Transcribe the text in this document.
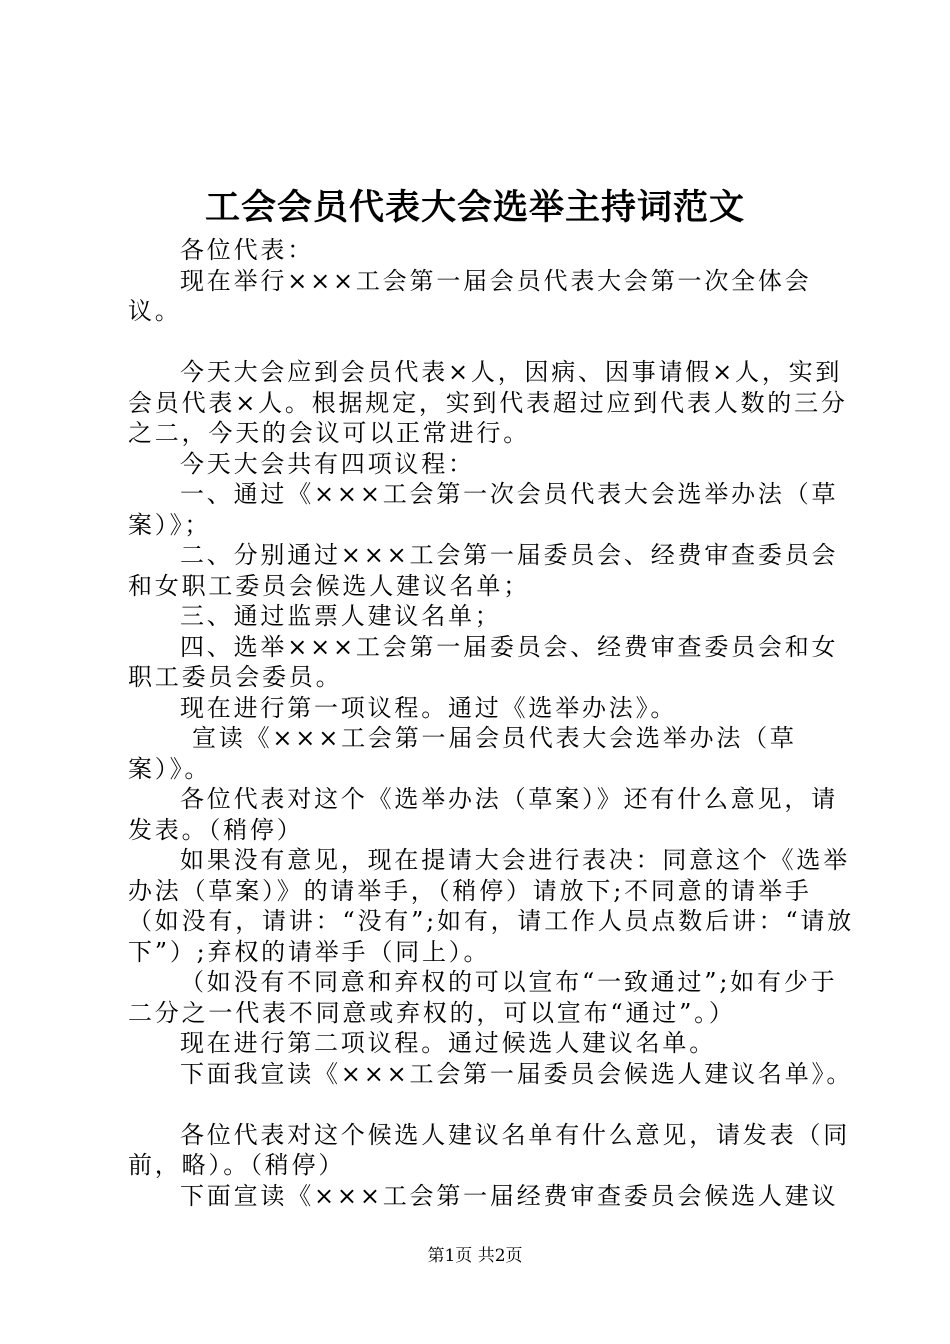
工会会员代表大会选举主持词范文

各位代表：

现在举行×××工会第一届会员代表大会第一次全体会议。

今天大会应到会员代表×人，因病、因事请假×人，实到会员代表×人。根据规定，实到代表超过应到代表人数的三分之二，今天的会议可以正常进行。

今天大会共有四项议程：

一、通过《×××工会第一次会员代表大会选举办法（草案）》；

二、分别通过×××工会第一届委员会、经费审查委员会和女职工委员会候选人建议名单；

三、通过监票人建议名单；

四、选举×××工会第一届委员会、经费审查委员会和女职工委员会委员。

现在进行第一项议程。通过《选举办法》。

宣读《×××工会第一届会员代表大会选举办法（草案）》。

各位代表对这个《选举办法（草案）》还有什么意见，请发表。（稍停）

如果没有意见，现在提请大会进行表决：同意这个《选举办法（草案）》的请举手，（稍停）请放下;不同意的请举手（如没有，请讲：“没有”;如有，请工作人员点数后讲：“请放下”）;弃权的请举手（同上）。

（如没有不同意和弃权的可以宣布“一致通过”;如有少于二分之一代表不同意或弃权的，可以宣布“通过”。）

现在进行第二项议程。通过候选人建议名单。

下面我宣读《×××工会第一届委员会候选人建议名单》。

各位代表对这个候选人建议名单有什么意见，请发表（同前，略）。（稍停）

下面宣读《×××工会第一届经费审查委员会候选人建议

第1页 共2页
